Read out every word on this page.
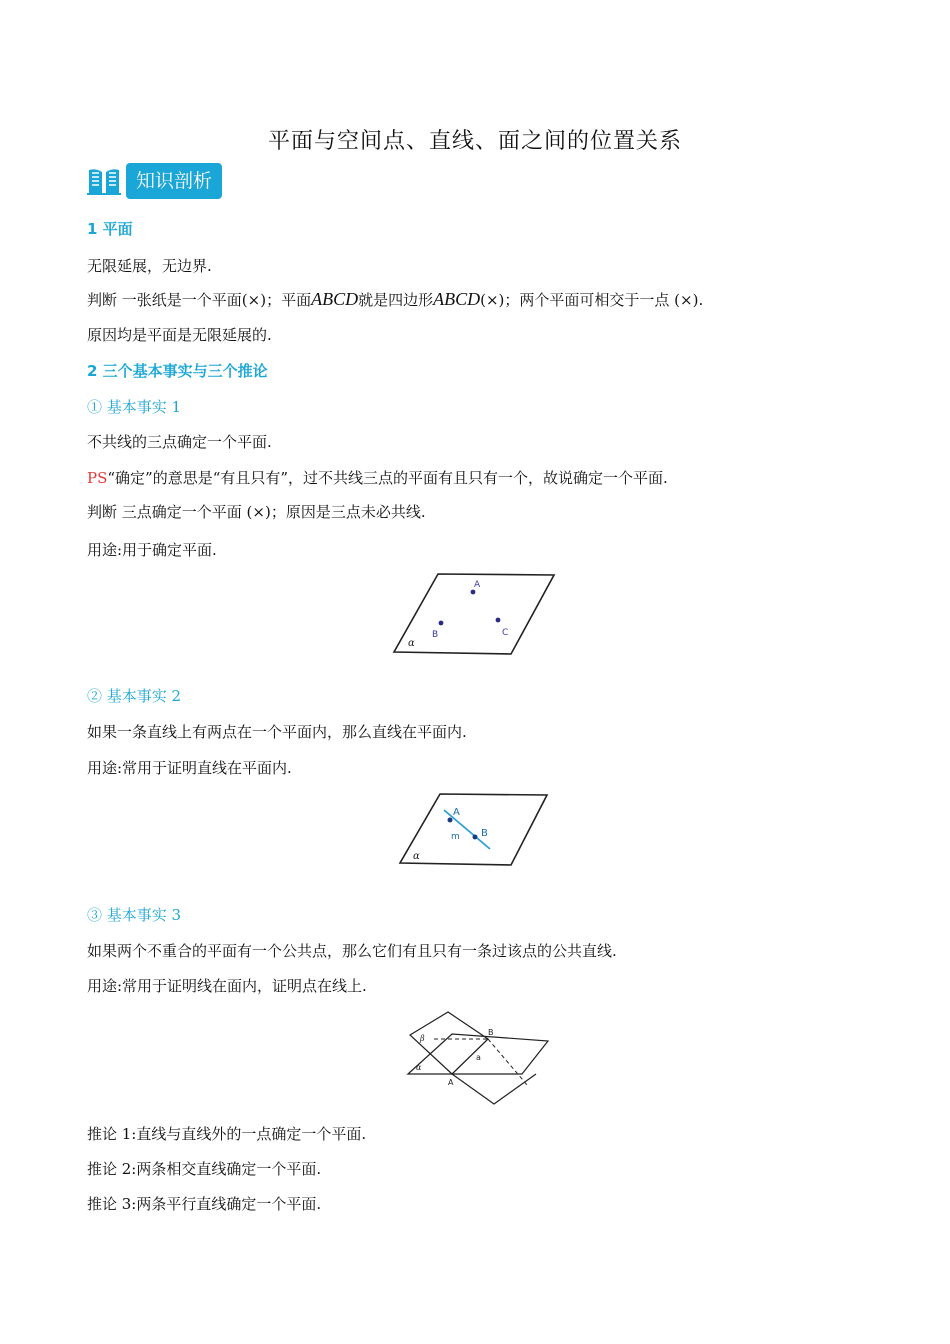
平面与空间点、直线、面之间的位置关系
知识剖析
1 平面
无限延展，无边界.
判断 一张纸是一个平面(×)；平面ABCD就是四边形ABCD(×)；两个平面可相交于一点 (×).
原因均是平面是无限延展的.
2 三个基本事实与三个推论
① 基本事实 1
不共线的三点确定一个平面.
PS“确定”的意思是“有且只有”，过不共线三点的平面有且只有一个，故说确定一个平面.
判断 三点确定一个平面 (×)；原因是三点未必共线.
用途:用于确定平面.
A
B	C
α
② 基本事实 2
如果一条直线上有两点在一个平面内，那么直线在平面内.
用途:常用于证明直线在平面内.
A
B
m
α
③ 基本事实 3
如果两个不重合的平面有一个公共点，那么它们有且只有一条过该点的公共直线.
用途:常用于证明线在面内，证明点在线上.
β
α
B
A
a
推论 1:直线与直线外的一点确定一个平面.
推论 2:两条相交直线确定一个平面.
推论 3:两条平行直线确定一个平面.
